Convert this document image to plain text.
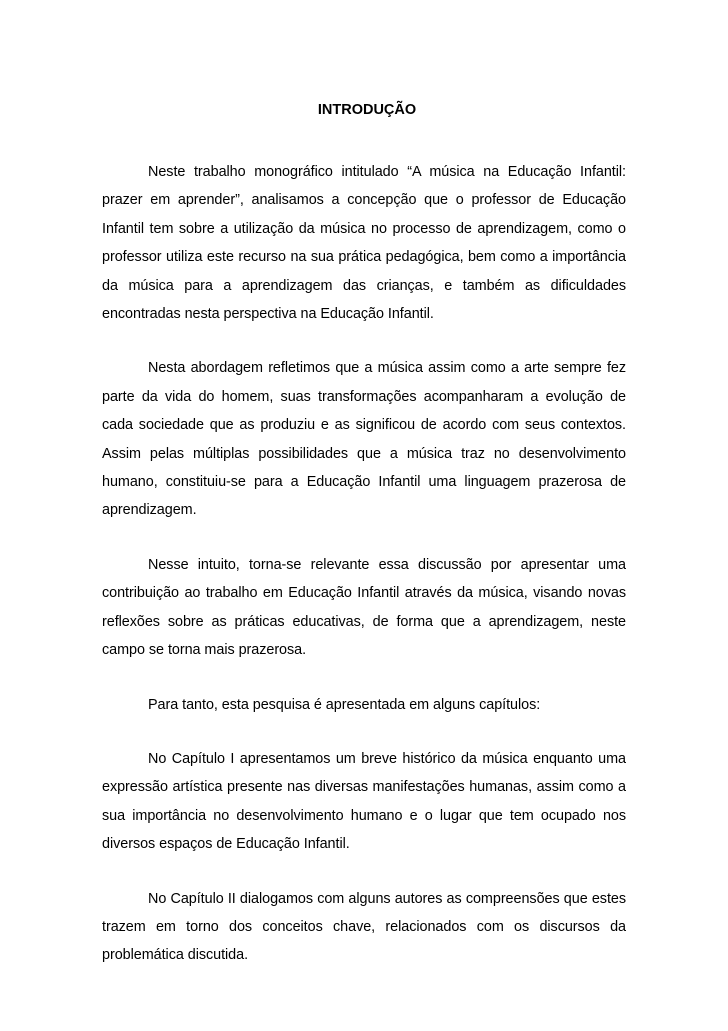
INTRODUÇÃO

Neste trabalho monográfico intitulado “A música na Educação Infantil: prazer em aprender”, analisamos a concepção que o professor de Educação Infantil tem sobre a utilização da música no processo de aprendizagem, como o professor utiliza este recurso na sua prática pedagógica, bem como a importância da música para a aprendizagem das crianças, e também as dificuldades encontradas nesta perspectiva na Educação Infantil.

Nesta abordagem refletimos que a música assim como a arte sempre fez parte da vida do homem, suas transformações acompanharam a evolução de cada sociedade que as produziu e as significou de acordo com seus contextos. Assim pelas múltiplas possibilidades que a música traz no desenvolvimento humano, constituiu-se para a Educação Infantil uma linguagem prazerosa de aprendizagem.

Nesse intuito, torna-se relevante essa discussão por apresentar uma contribuição ao trabalho em Educação Infantil através da música, visando novas reflexões sobre as práticas educativas, de forma que a aprendizagem, neste campo se torna mais prazerosa.

Para tanto, esta pesquisa é apresentada em alguns capítulos:

No Capítulo I apresentamos um breve histórico da música enquanto uma expressão artística presente nas diversas manifestações humanas, assim como a sua importância no desenvolvimento humano e o lugar que tem ocupado nos diversos espaços de Educação Infantil.

No Capítulo II dialogamos com alguns autores as compreensões que estes trazem em torno dos conceitos chave, relacionados com os discursos da problemática discutida.
